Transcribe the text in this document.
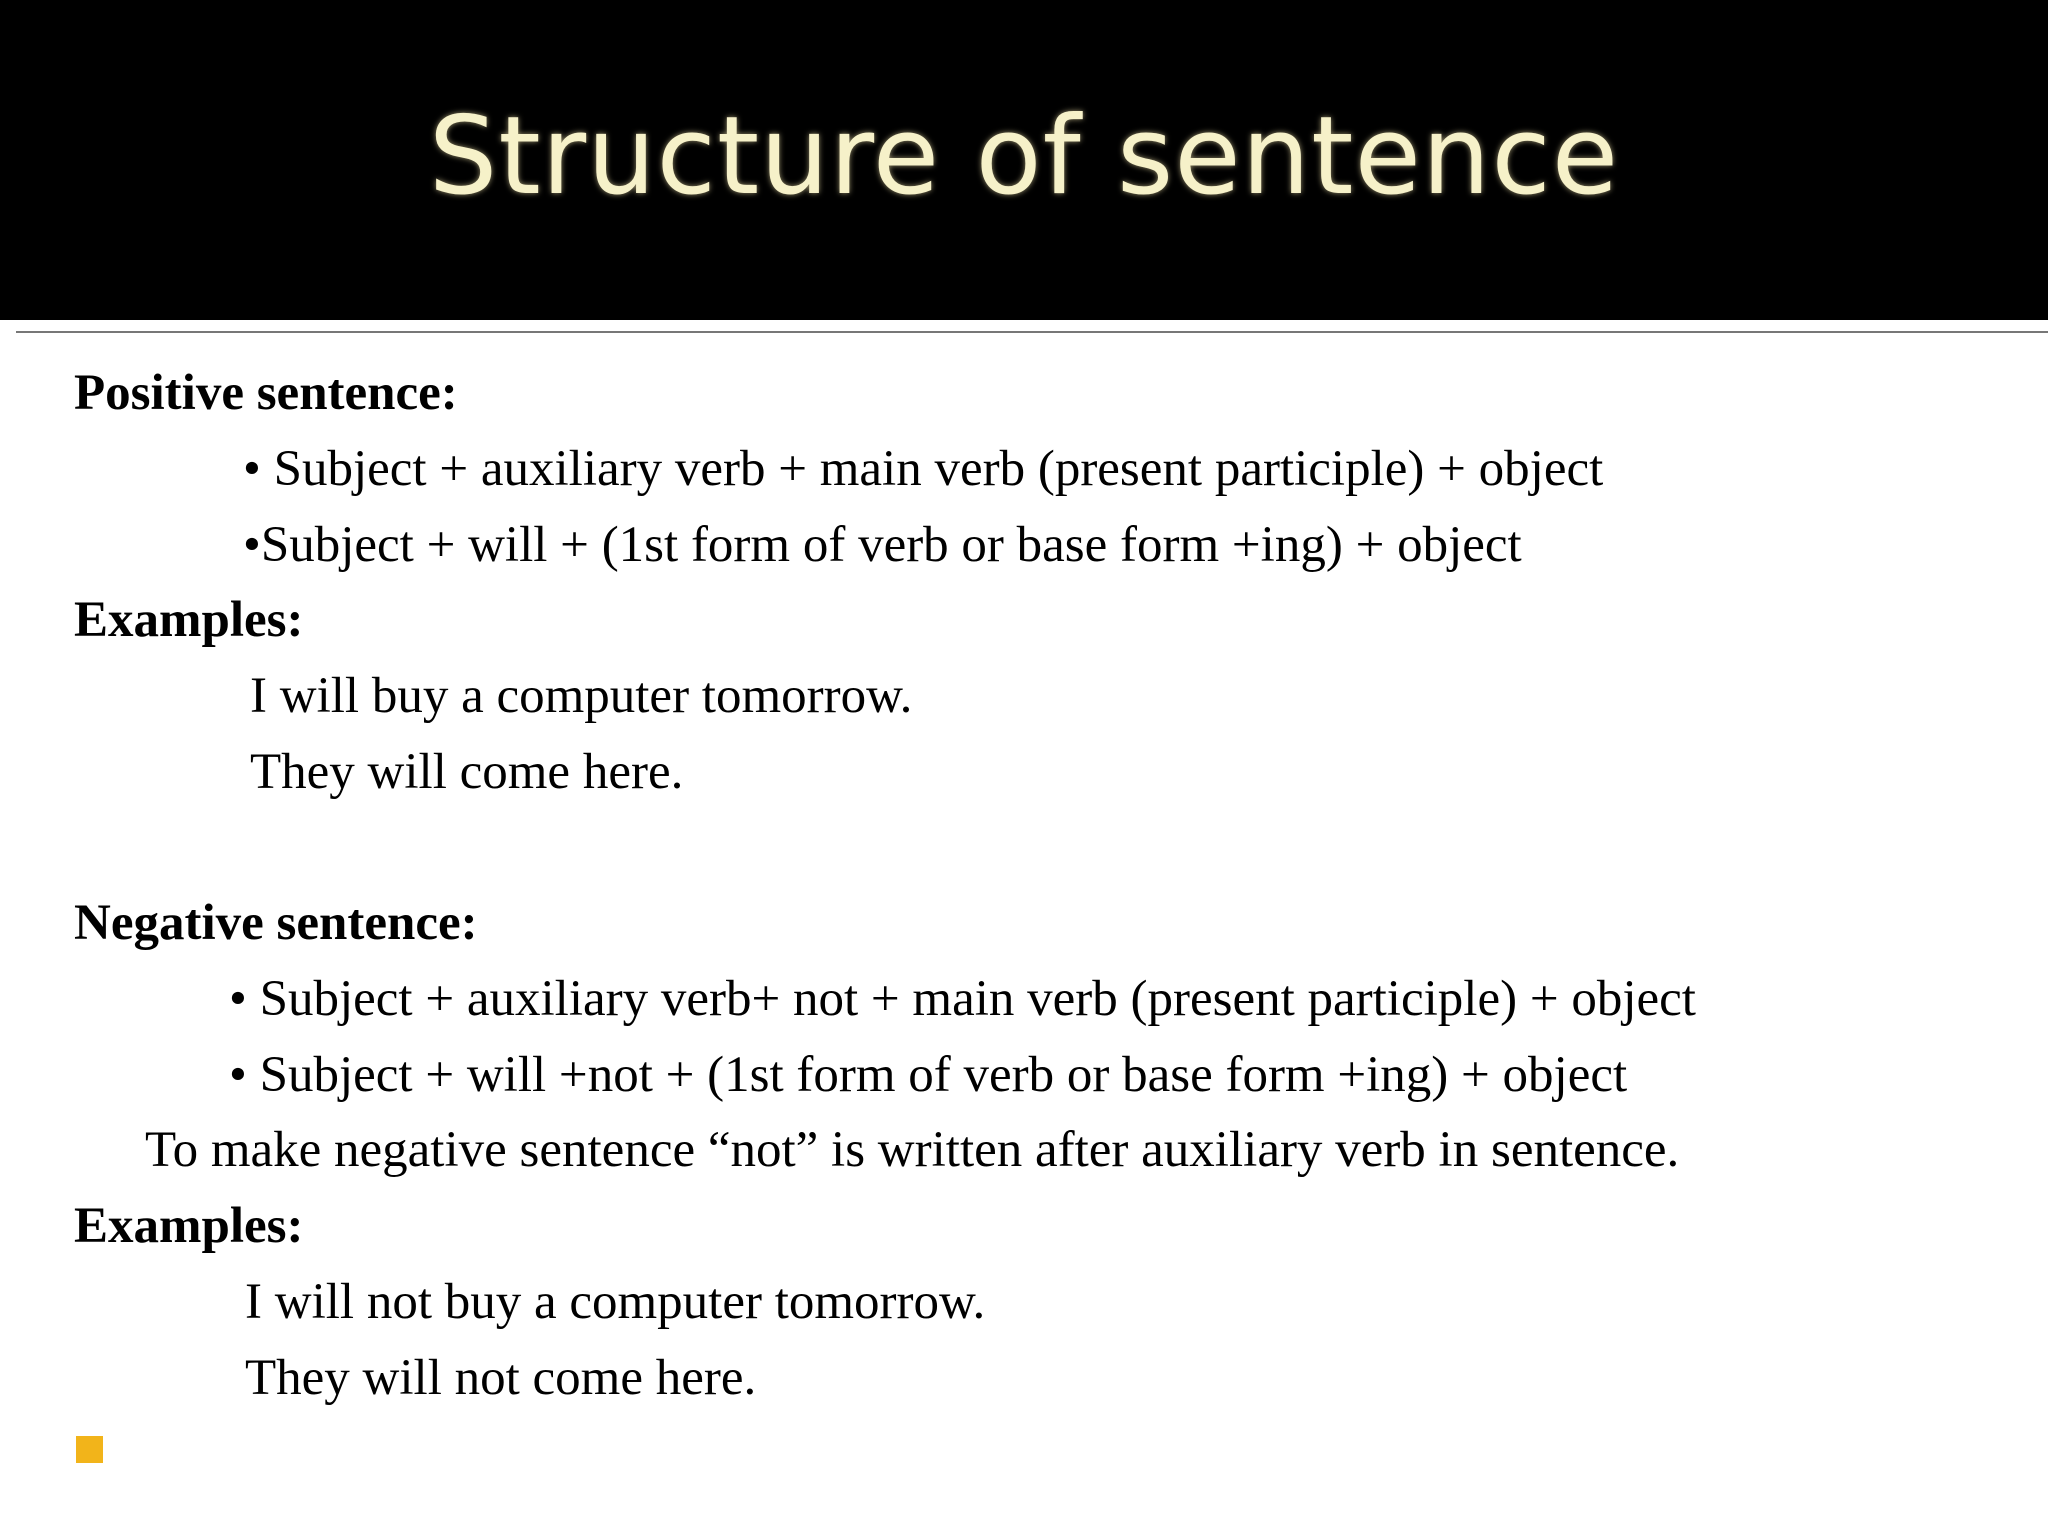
Structure of sentence
Positive sentence:
• Subject + auxiliary verb + main verb (present participle) + object
•Subject + will + (1st form of verb or base form +ing) + object
Examples:
I will buy a computer tomorrow.
They will come here.
Negative sentence:
• Subject + auxiliary verb+ not + main verb (present participle) + object
• Subject + will +not + (1st form of verb or base form +ing) + object
To make negative sentence “not” is written after auxiliary verb in sentence.
Examples:
I will not buy a computer tomorrow.
They will not come here.
